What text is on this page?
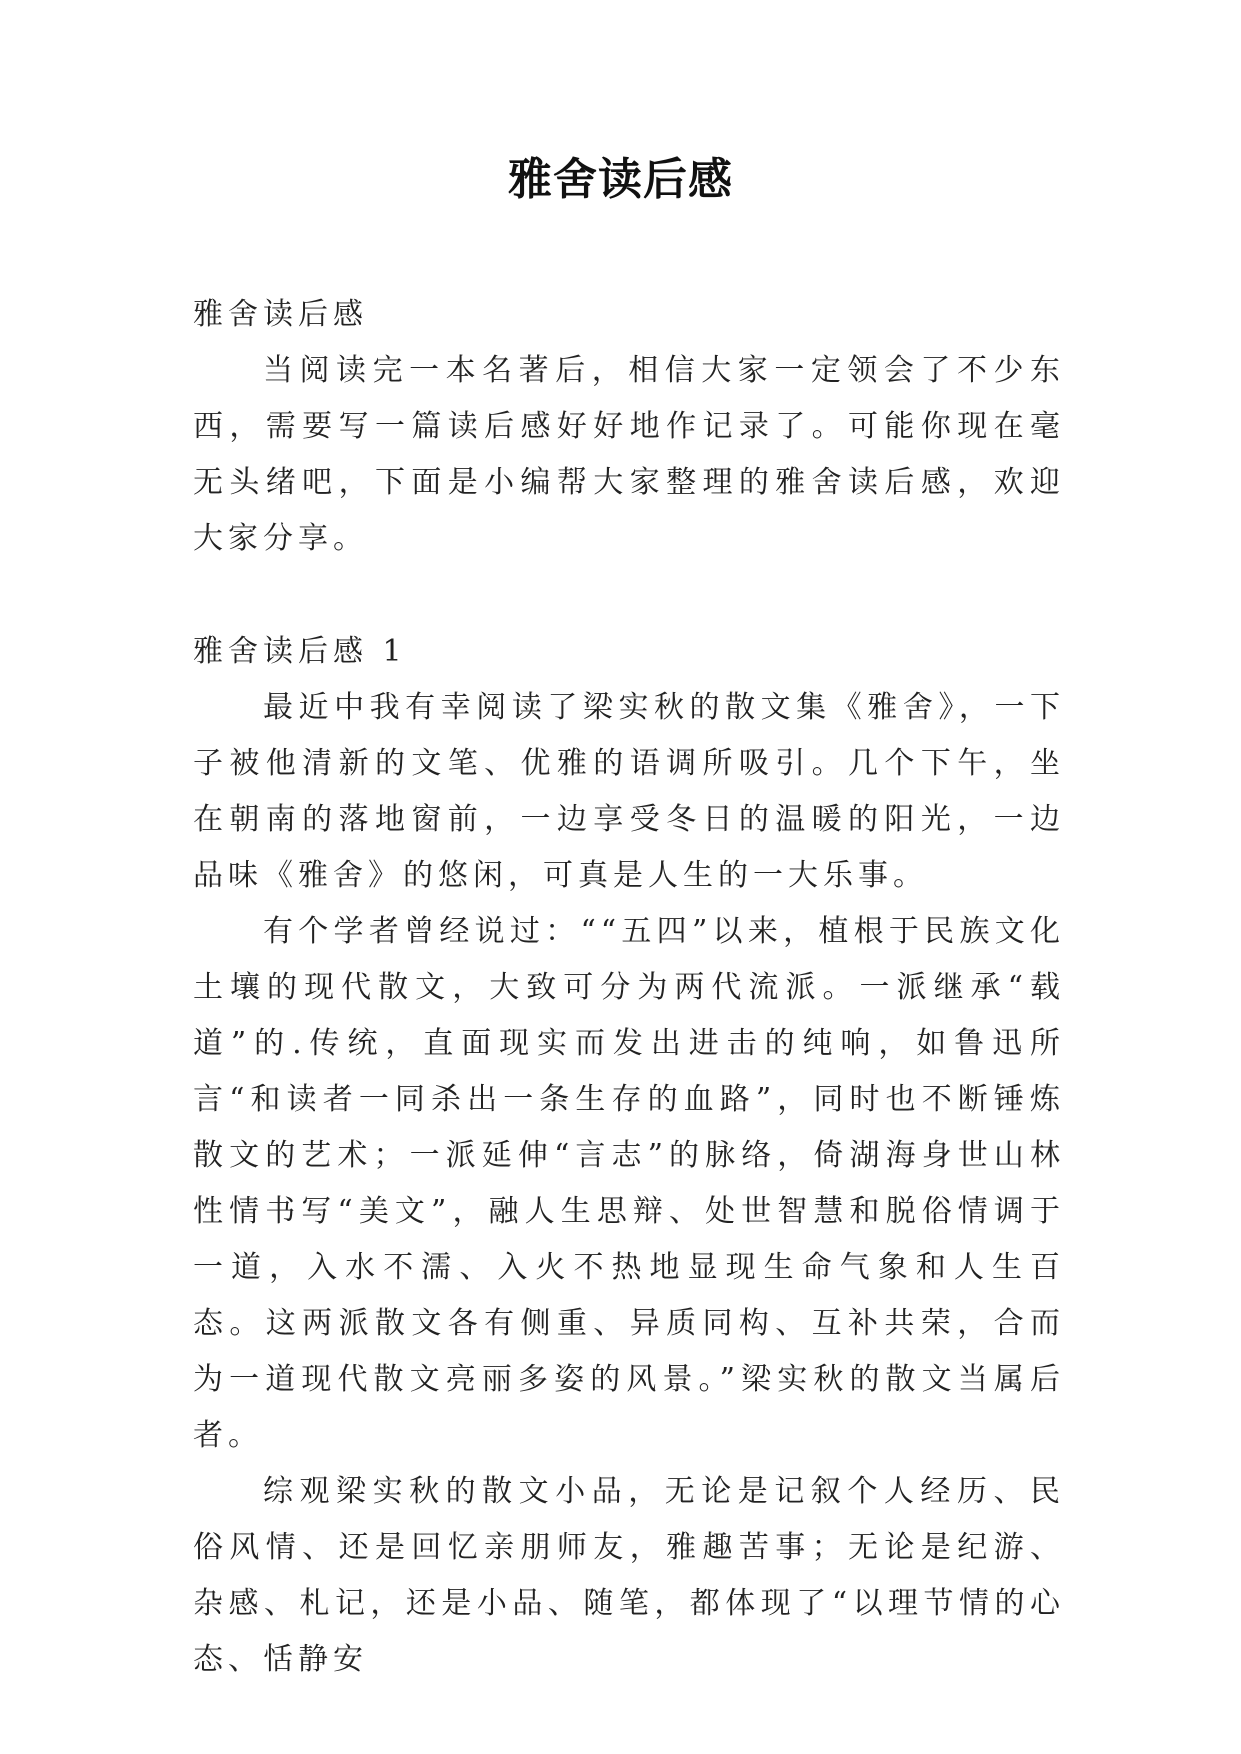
雅舍读后感

雅舍读后感

当阅读完一本名著后，相信大家一定领会了不少东西，需要写一篇读后感好好地作记录了。可能你现在毫无头绪吧，下面是小编帮大家整理的雅舍读后感，欢迎大家分享。

雅舍读后感 1

最近中我有幸阅读了梁实秋的散文集《雅舍》，一下子被他清新的文笔、优雅的语调所吸引。几个下午，坐在朝南的落地窗前，一边享受冬日的温暖的阳光，一边品味《雅舍》的悠闲，可真是人生的一大乐事。

有个学者曾经说过：““五四”以来，植根于民族文化土壤的现代散文，大致可分为两代流派。一派继承“载道”的.传统，直面现实而发出进击的纯响，如鲁迅所言“和读者一同杀出一条生存的血路”，同时也不断锤炼散文的艺术；一派延伸“言志”的脉络，倚湖海身世山林性情书写“美文”，融人生思辩、处世智慧和脱俗情调于一道，入水不濡、入火不热地显现生命气象和人生百态。这两派散文各有侧重、异质同构、互补共荣，合而为一道现代散文亮丽多姿的风景。”梁实秋的散文当属后者。

综观梁实秋的散文小品，无论是记叙个人经历、民俗风情、还是回忆亲朋师友，雅趣苦事；无论是纪游、杂感、札记，还是小品、随笔，都体现了“以理节情的心态、恬静安
